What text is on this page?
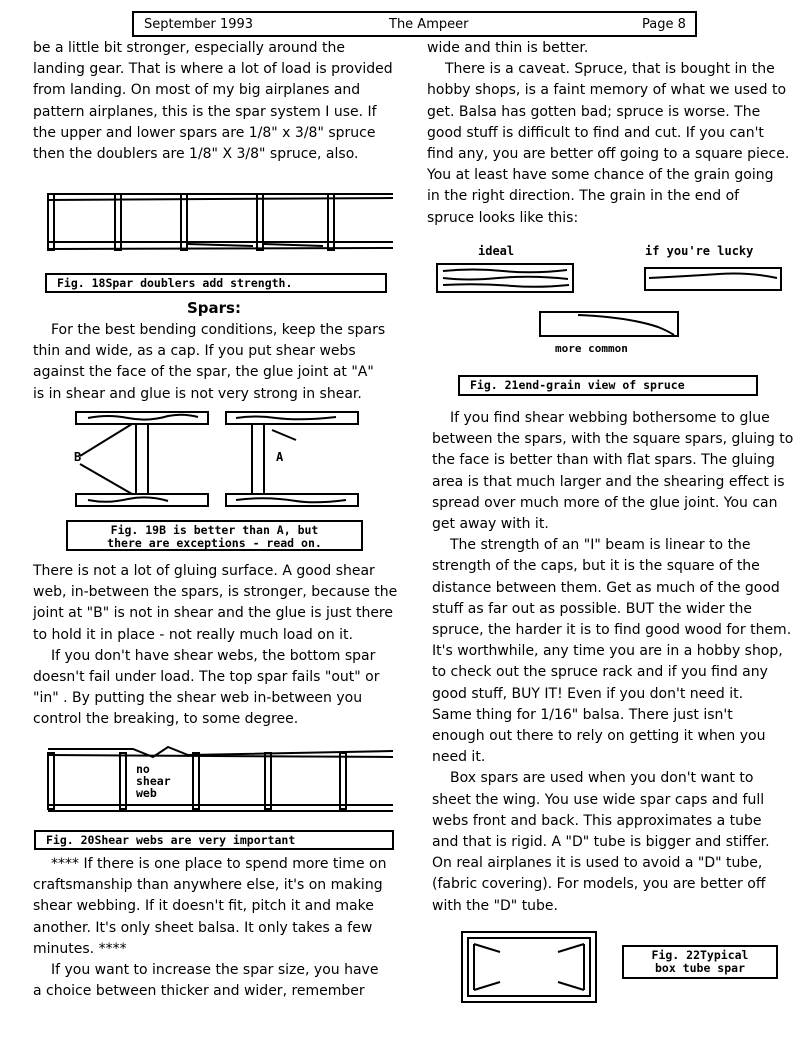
September 1993	The Ampeer	Page 8

be a little bit stronger, especially around the

landing gear. That is where a lot of load is provided

from landing. On most of my big airplanes and

pattern airplanes, this is the spar system I use. If

the upper and lower spars are 1/8" x 3/8" spruce

then the doublers are 1/8" X 3/8" spruce, also.

Fig. 18Spar doublers add strength.
Spars:

For the best bending conditions, keep the spars

thin and wide, as a cap. If you put shear webs

against the face of the spar, the glue joint at "A"

is in shear and glue is not very strong in shear.

B	A
Fig. 19B is better than A, but
there are exceptions - read on.

There is not a lot of gluing surface. A good shear

web, in-between the spars, is stronger, because the

joint at "B" is not in shear and the glue is just there

to hold it in place - not really much load on it.

If you don't have shear webs, the bottom spar

doesn't fail under load. The top spar fails "out" or

"in" . By putting the shear web in-between you

control the breaking, to some degree.

no
shear
web
Fig. 20Shear webs are very important

**** If there is one place to spend more time on

craftsmanship than anywhere else, it's on making

shear webbing. If it doesn't fit, pitch it and make

another. It's only sheet balsa. It only takes a few

minutes. ****

If you want to increase the spar size, you have

a choice between thicker and wider, remember

wide and thin is better.

There is a caveat. Spruce, that is bought in the

hobby shops, is a faint memory of what we used to

get. Balsa has gotten bad; spruce is worse. The

good stuff is difficult to find and cut. If you can't

find any, you are better off going to a square piece.

You at least have some chance of the grain going

in the right direction. The grain in the end of

spruce looks like this:

ideal	if you're lucky
more common
Fig. 21end-grain view of spruce

If you find shear webbing bothersome to glue

between the spars, with the square spars, gluing to

the face is better than with flat spars. The gluing

area is that much larger and the shearing effect is

spread over much more of the glue joint. You can

get away with it.

The strength of an "I" beam is linear to the

strength of the caps, but it is the square of the

distance between them. Get as much of the good

stuff as far out as possible. BUT the wider the

spruce, the harder it is to find good wood for them.

It's worthwhile, any time you are in a hobby shop,

to check out the spruce rack and if you find any

good stuff, BUY IT! Even if you don't need it.

Same thing for 1/16" balsa. There just isn't

enough out there to rely on getting it when you

need it.

Box spars are used when you don't want to

sheet the wing. You use wide spar caps and full

webs front and back. This approximates a tube

and that is rigid. A "D" tube is bigger and stiffer.

On real airplanes it is used to avoid a "D" tube,

(fabric covering). For models, you are better off

with the "D" tube.

Fig. 22Typical
box tube spar
